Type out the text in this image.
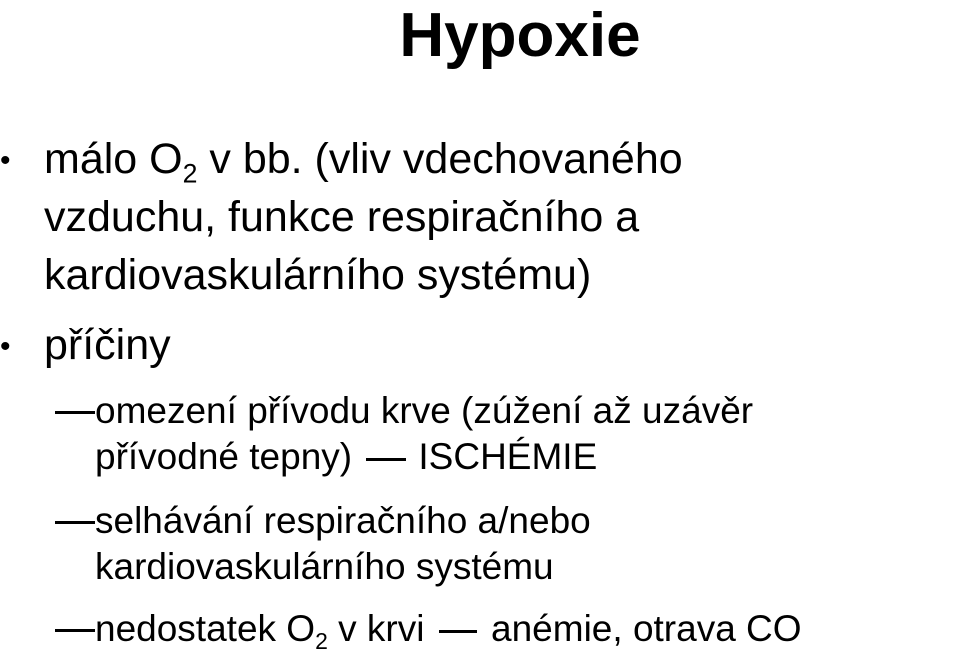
Hypoxie
• málo $O_2$ v bb. (vliv vdechovaného
vzduchu, funkce respiračního a
kardiovaskulárního systému)
• příčiny
omezení přívodu krve (zúžení až uzávěr
přívodné tepny) ISCHÉMIE
selhávání respiračního a/nebo
kardiovaskulárního systému
nedostatek $O_2$ v krvi  anémie, otrava CO
